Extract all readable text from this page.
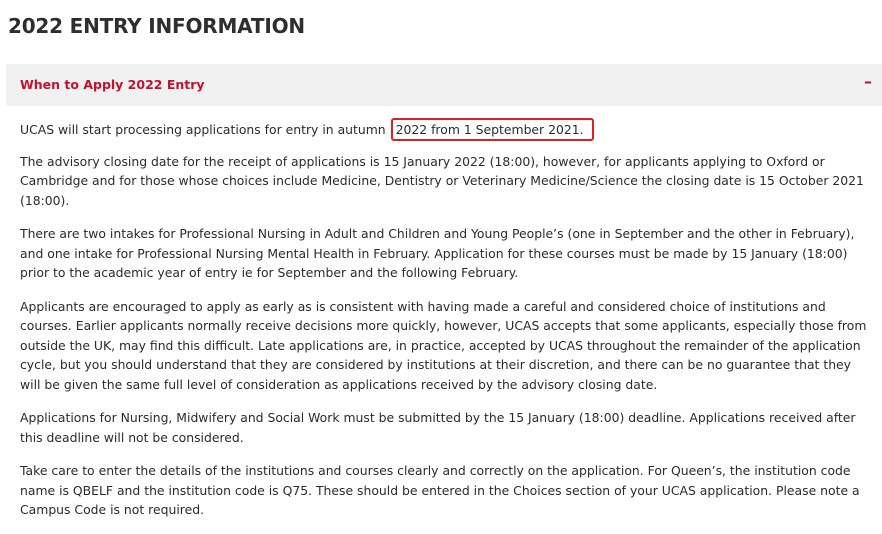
2022 ENTRY INFORMATION
When to Apply 2022 Entry	–

UCAS will start processing applications for entry in autumn 2022 from 1 September 2021.

The advisory closing date for the receipt of applications is 15 January 2022 (18:00), however, for applicants applying to Oxford or Cambridge and for those whose choices include Medicine, Dentistry or Veterinary Medicine/Science the closing date is 15 October 2021 (18:00).

There are two intakes for Professional Nursing in Adult and Children and Young People’s (one in September and the other in February), and one intake for Professional Nursing Mental Health in February. Application for these courses must be made by 15 January (18:00) prior to the academic year of entry ie for September and the following February.

Applicants are encouraged to apply as early as is consistent with having made a careful and considered choice of institutions and courses. Earlier applicants normally receive decisions more quickly, however, UCAS accepts that some applicants, especially those from outside the UK, may find this difficult. Late applications are, in practice, accepted by UCAS throughout the remainder of the application cycle, but you should understand that they are considered by institutions at their discretion, and there can be no guarantee that they will be given the same full level of consideration as applications received by the advisory closing date.

Applications for Nursing, Midwifery and Social Work must be submitted by the 15 January (18:00) deadline. Applications received after this deadline will not be considered.

Take care to enter the details of the institutions and courses clearly and correctly on the application. For Queen’s, the institution code name is QBELF and the institution code is Q75. These should be entered in the Choices section of your UCAS application. Please note a Campus Code is not required.
